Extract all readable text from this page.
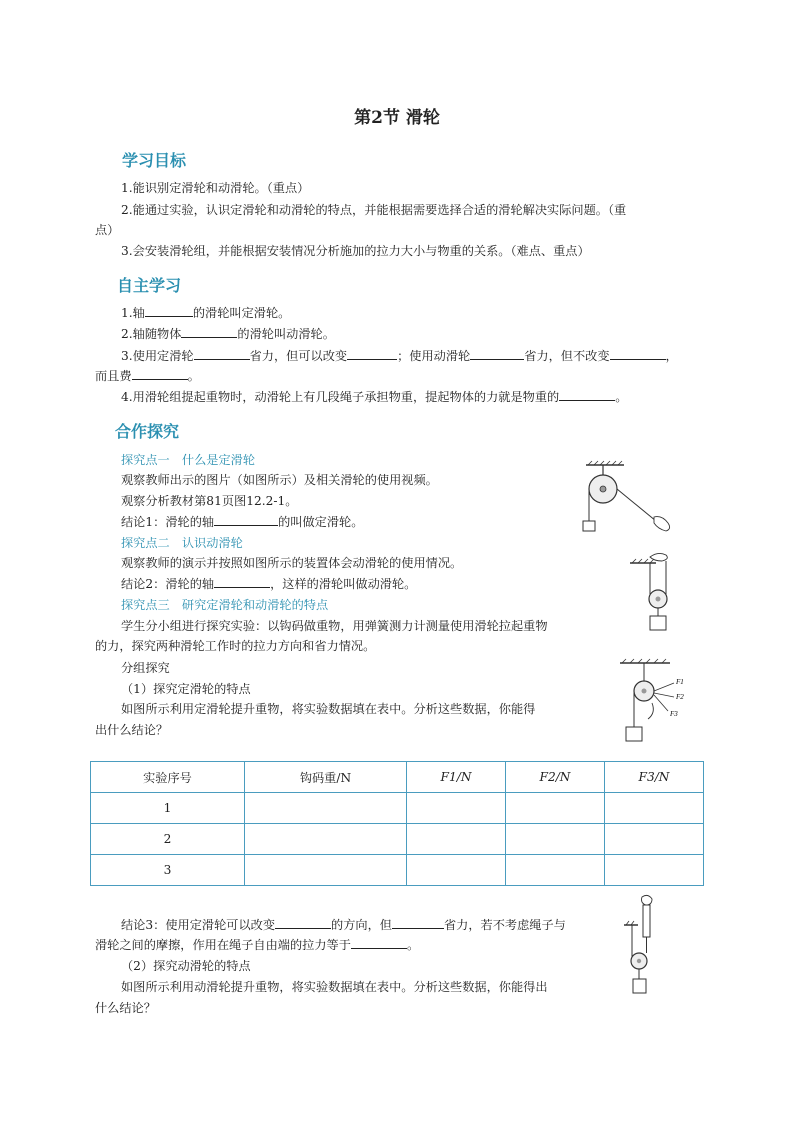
第2节 滑轮
学习目标
1.能识别定滑轮和动滑轮。（重点）
2.能通过实验，认识定滑轮和动滑轮的特点，并能根据需要选择合适的滑轮解决实际问题。（重
点）
3.会安装滑轮组，并能根据安装情况分析施加的拉力大小与物重的关系。（难点、重点）
自主学习
1.轴	的滑轮叫定滑轮。
2.轴随物体	的滑轮叫动滑轮。
3.使用定滑轮	省力，但可以改变	；使用动滑轮	省力，但不改变	，
而且费	。
4.用滑轮组提起重物时，动滑轮上有几段绳子承担物重，提起物体的力就是物重的	。
合作探究
探究点一　什么是定滑轮
观察教师出示的图片（如图所示）及相关滑轮的使用视频。
观察分析教材第81页图12.2-1。
结论1：滑轮的轴	的叫做定滑轮。
探究点二　认识动滑轮
观察教师的演示并按照如图所示的装置体会动滑轮的使用情况。
结论2：滑轮的轴	，这样的滑轮叫做动滑轮。
探究点三　研究定滑轮和动滑轮的特点
学生分小组进行探究实验：以钩码做重物，用弹簧测力计测量使用滑轮拉起重物
的力，探究两种滑轮工作时的拉力方向和省力情况。
分组探究
（1）探究定滑轮的特点
如图所示利用定滑轮提升重物，将实验数据填在表中。分析这些数据，你能得
出什么结论？
实验序号	钩码重/N	F1/N	F2/N	F3/N
1				
2				
3				
结论3：使用定滑轮可以改变	的方向，但	省力，若不考虑绳子与
滑轮之间的摩擦，作用在绳子自由端的拉力等于	。
（2）探究动滑轮的特点
如图所示利用动滑轮提升重物，将实验数据填在表中。分析这些数据，你能得出
什么结论？
F1
F2
F3
